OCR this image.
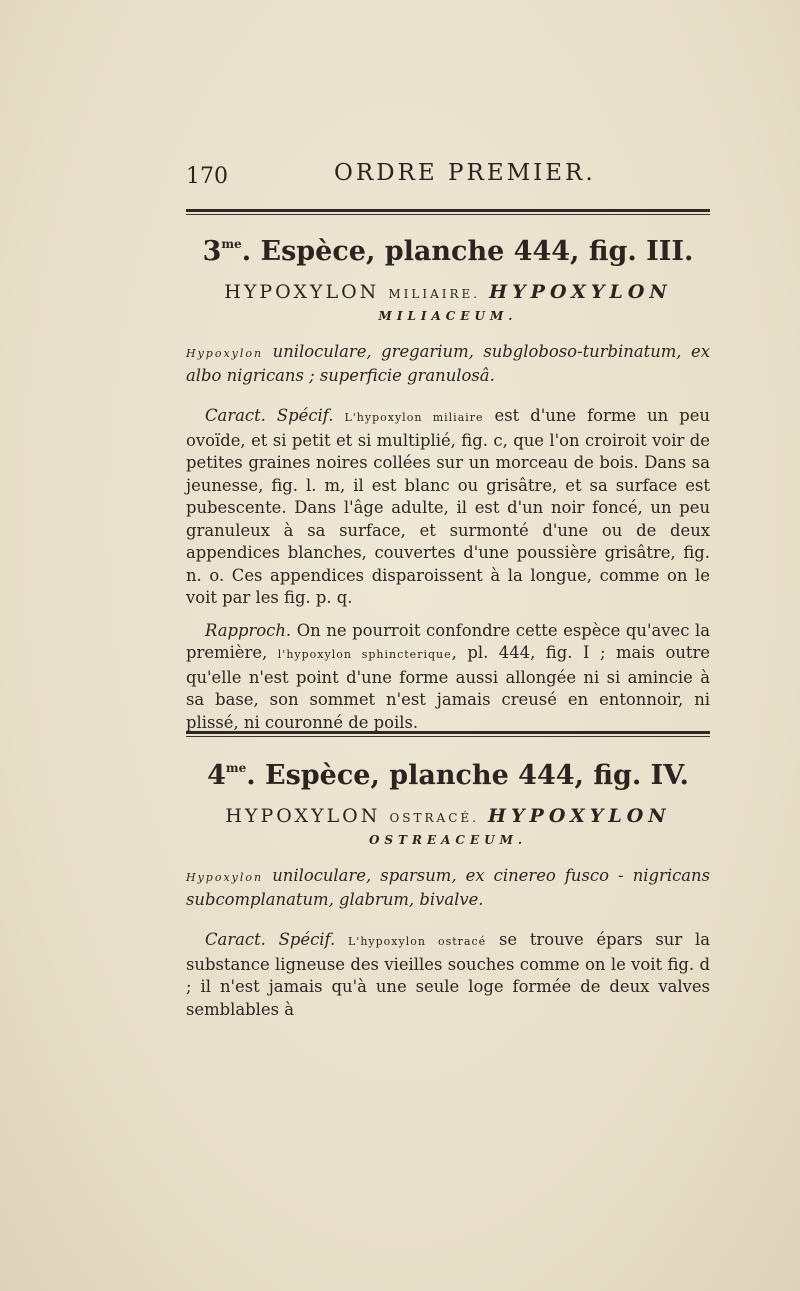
170	ORDRE PREMIER.
$3^{me}$. Espèce, planche 444, fig. III.

HYPOXYLON MILIAIRE. HYPOXYLON

MILIACEUM.

Hypoxylon uniloculare, gregarium, subgloboso-turbinatum, ex albo nigricans ; superficie granulosâ.

Caract. Spécif. L'hypoxylon miliaire est d'une forme un peu ovoïde, et si petit et si multiplié, fig. c, que l'on croiroit voir de petites graines noires collées sur un morceau de bois. Dans sa jeunesse, fig. l. m, il est blanc ou grisâtre, et sa surface est pubescente. Dans l'âge adulte, il est d'un noir foncé, un peu granuleux à sa surface, et surmonté d'une ou de deux appendices blanches, couvertes d'une poussière grisâtre, fig. n. o. Ces appendices disparoissent à la longue, comme on le voit par les fig. p. q.

Rapproch. On ne pourroit confondre cette espèce qu'avec la première, l'hypoxylon sphincterique, pl. 444, fig. I ; mais outre qu'elle n'est point d'une forme aussi allongée ni si amincie à sa base, son sommet n'est jamais creusé en entonnoir, ni plissé, ni couronné de poils.

$4^{me}$. Espèce, planche 444, fig. IV.

HYPOXYLON OSTRACÉ. HYPOXYLON

OSTREACEUM.

Hypoxylon uniloculare, sparsum, ex cinereo fusco - nigricans subcomplanatum, glabrum, bivalve.

Caract. Spécif. L'hypoxylon ostracé se trouve épars sur la substance ligneuse des vieilles souches comme on le voit fig. d ; il n'est jamais qu'à une seule loge formée de deux valves semblables à
